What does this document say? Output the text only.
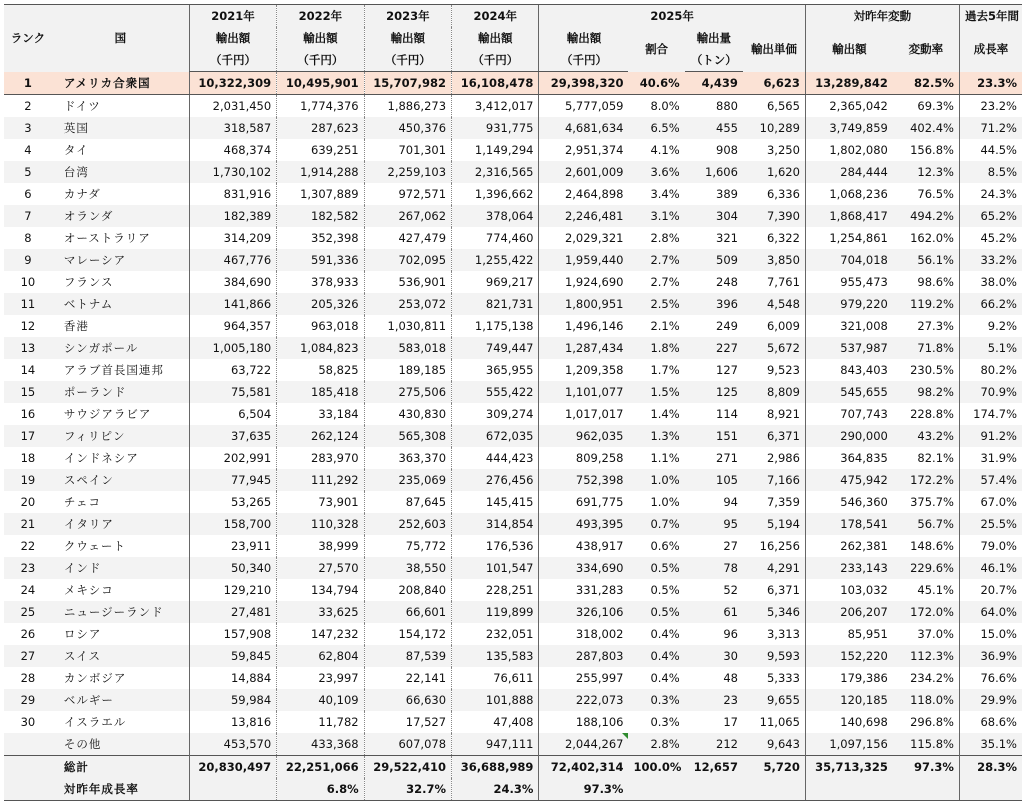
ランク	国	2021年	2022年	2023年	2024年	2025年				対昨年変動		過去5年間
		輸出額	輸出額	輸出額	輸出額	輸出額	割合	輸出量	輸出単価	輸出額	変動率	成長率
		（千円）	（千円）	（千円）	（千円）	（千円）		（トン）				
1	アメリカ合衆国	10,322,309	10,495,901	15,707,982	16,108,478	29,398,320	40.6%	4,439	6,623	13,289,842	82.5%	23.3%
2	ドイツ	2,031,450	1,774,376	1,886,273	3,412,017	5,777,059	8.0%	880	6,565	2,365,042	69.3%	23.2%
3	英国	318,587	287,623	450,376	931,775	4,681,634	6.5%	455	10,289	3,749,859	402.4%	71.2%
4	タイ	468,374	639,251	701,301	1,149,294	2,951,374	4.1%	908	3,250	1,802,080	156.8%	44.5%
5	台湾	1,730,102	1,914,288	2,259,103	2,316,565	2,601,009	3.6%	1,606	1,620	284,444	12.3%	8.5%
6	カナダ	831,916	1,307,889	972,571	1,396,662	2,464,898	3.4%	389	6,336	1,068,236	76.5%	24.3%
7	オランダ	182,389	182,582	267,062	378,064	2,246,481	3.1%	304	7,390	1,868,417	494.2%	65.2%
8	オーストラリア	314,209	352,398	427,479	774,460	2,029,321	2.8%	321	6,322	1,254,861	162.0%	45.2%
9	マレーシア	467,776	591,336	702,095	1,255,422	1,959,440	2.7%	509	3,850	704,018	56.1%	33.2%
10	フランス	384,690	378,933	536,901	969,217	1,924,690	2.7%	248	7,761	955,473	98.6%	38.0%
11	ベトナム	141,866	205,326	253,072	821,731	1,800,951	2.5%	396	4,548	979,220	119.2%	66.2%
12	香港	964,357	963,018	1,030,811	1,175,138	1,496,146	2.1%	249	6,009	321,008	27.3%	9.2%
13	シンガポール	1,005,180	1,084,823	583,018	749,447	1,287,434	1.8%	227	5,672	537,987	71.8%	5.1%
14	アラブ首長国連邦	63,722	58,825	189,185	365,955	1,209,358	1.7%	127	9,523	843,403	230.5%	80.2%
15	ポーランド	75,581	185,418	275,506	555,422	1,101,077	1.5%	125	8,809	545,655	98.2%	70.9%
16	サウジアラビア	6,504	33,184	430,830	309,274	1,017,017	1.4%	114	8,921	707,743	228.8%	174.7%
17	フィリピン	37,635	262,124	565,308	672,035	962,035	1.3%	151	6,371	290,000	43.2%	91.2%
18	インドネシア	202,991	283,970	363,370	444,423	809,258	1.1%	271	2,986	364,835	82.1%	31.9%
19	スペイン	77,945	111,292	235,069	276,456	752,398	1.0%	105	7,166	475,942	172.2%	57.4%
20	チェコ	53,265	73,901	87,645	145,415	691,775	1.0%	94	7,359	546,360	375.7%	67.0%
21	イタリア	158,700	110,328	252,603	314,854	493,395	0.7%	95	5,194	178,541	56.7%	25.5%
22	クウェート	23,911	38,999	75,772	176,536	438,917	0.6%	27	16,256	262,381	148.6%	79.0%
23	インド	50,340	27,570	38,550	101,547	334,690	0.5%	78	4,291	233,143	229.6%	46.1%
24	メキシコ	129,210	134,794	208,840	228,251	331,283	0.5%	52	6,371	103,032	45.1%	20.7%
25	ニュージーランド	27,481	33,625	66,601	119,899	326,106	0.5%	61	5,346	206,207	172.0%	64.0%
26	ロシア	157,908	147,232	154,172	232,051	318,002	0.4%	96	3,313	85,951	37.0%	15.0%
27	スイス	59,845	62,804	87,539	135,583	287,803	0.4%	30	9,593	152,220	112.3%	36.9%
28	カンボジア	14,884	23,997	22,141	76,611	255,997	0.4%	48	5,333	179,386	234.2%	76.6%
29	ベルギー	59,984	40,109	66,630	101,888	222,073	0.3%	23	9,655	120,185	118.0%	29.9%
30	イスラエル	13,816	11,782	17,527	47,408	188,106	0.3%	17	11,065	140,698	296.8%	68.6%
	その他	453,570	433,368	607,078	947,111	2,044,267	2.8%	212	9,643	1,097,156	115.8%	35.1%
	総計	20,830,497	22,251,066	29,522,410	36,688,989	72,402,314	100.0%	12,657	5,720	35,713,325	97.3%	28.3%
	対昨年成長率		6.8%	32.7%	24.3%	97.3%						
